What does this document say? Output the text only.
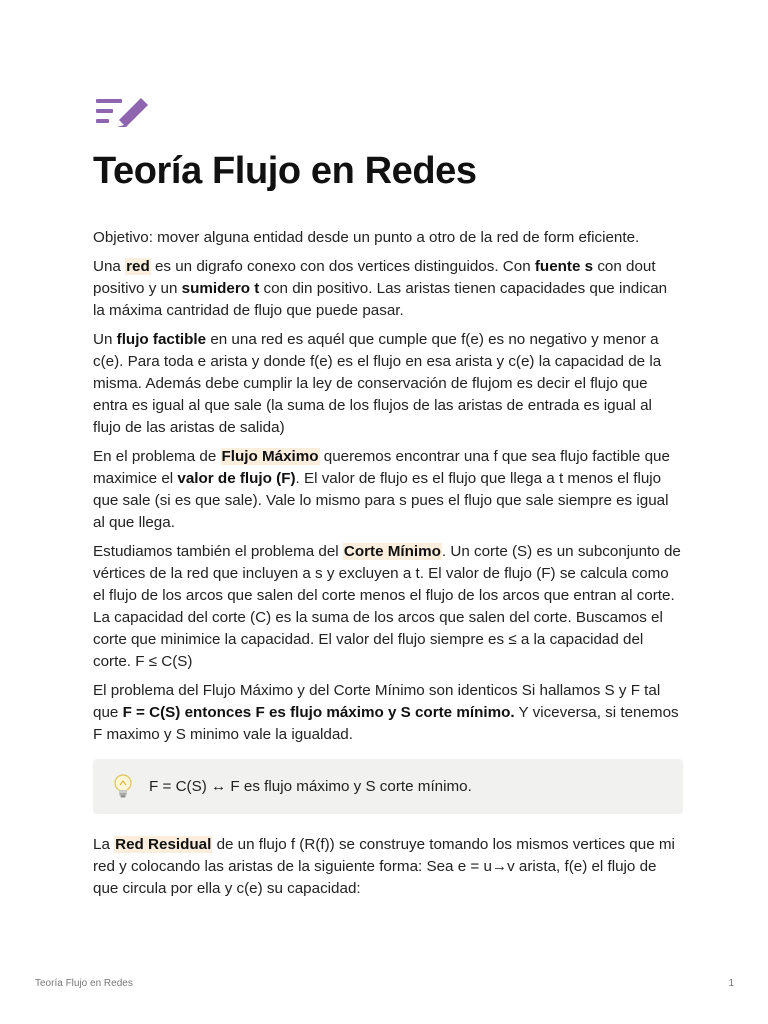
Teoría Flujo en Redes

Objetivo: mover alguna entidad desde un punto a otro de la red de form eficiente.

Una red es un digrafo conexo con dos vertices distinguidos. Con fuente s con dout positivo y un sumidero t con din positivo. Las aristas tienen capacidades que indican la máxima cantridad de flujo que puede pasar.

Un flujo factible en una red es aquél que cumple que f(e) es no negativo y menor a c(e). Para toda e arista y donde f(e) es el flujo en esa arista y c(e) la capacidad de la misma. Además debe cumplir la ley de conservación de flujom es decir el flujo que entra es igual al que sale (la suma de los flujos de las aristas de entrada es igual al flujo de las aristas de salida)

En el problema de Flujo Máximo queremos encontrar una f que sea flujo factible que maximice el valor de flujo (F). El valor de flujo es el flujo que llega a t menos el flujo que sale (si es que sale). Vale lo mismo para s pues el flujo que sale siempre es igual al que llega.

Estudiamos también el problema del Corte Mínimo. Un corte (S) es un subconjunto de vértices de la red que incluyen a s y excluyen a t. El valor de flujo (F) se calcula como el flujo de los arcos que salen del corte menos el flujo de los arcos que entran al corte. La capacidad del corte (C) es la suma de los arcos que salen del corte. Buscamos el corte que minimice la capacidad. El valor del flujo siempre es ≤ a la capacidad del corte. F ≤ C(S)

El problema del Flujo Máximo y del Corte Mínimo son identicos Si hallamos S y F tal que F = C(S) entonces F es flujo máximo y S corte mínimo. Y viceversa, si tenemos F maximo y S minimo vale la igualdad.

F = C(S) ↔ F es flujo máximo y S corte mínimo.

La Red Residual de un flujo f (R(f)) se construye tomando los mismos vertices que mi red y colocando las aristas de la siguiente forma: Sea e = u→v arista, f(e) el flujo de que circula por ella y c(e) su capacidad:

Teoría Flujo en Redes	1
